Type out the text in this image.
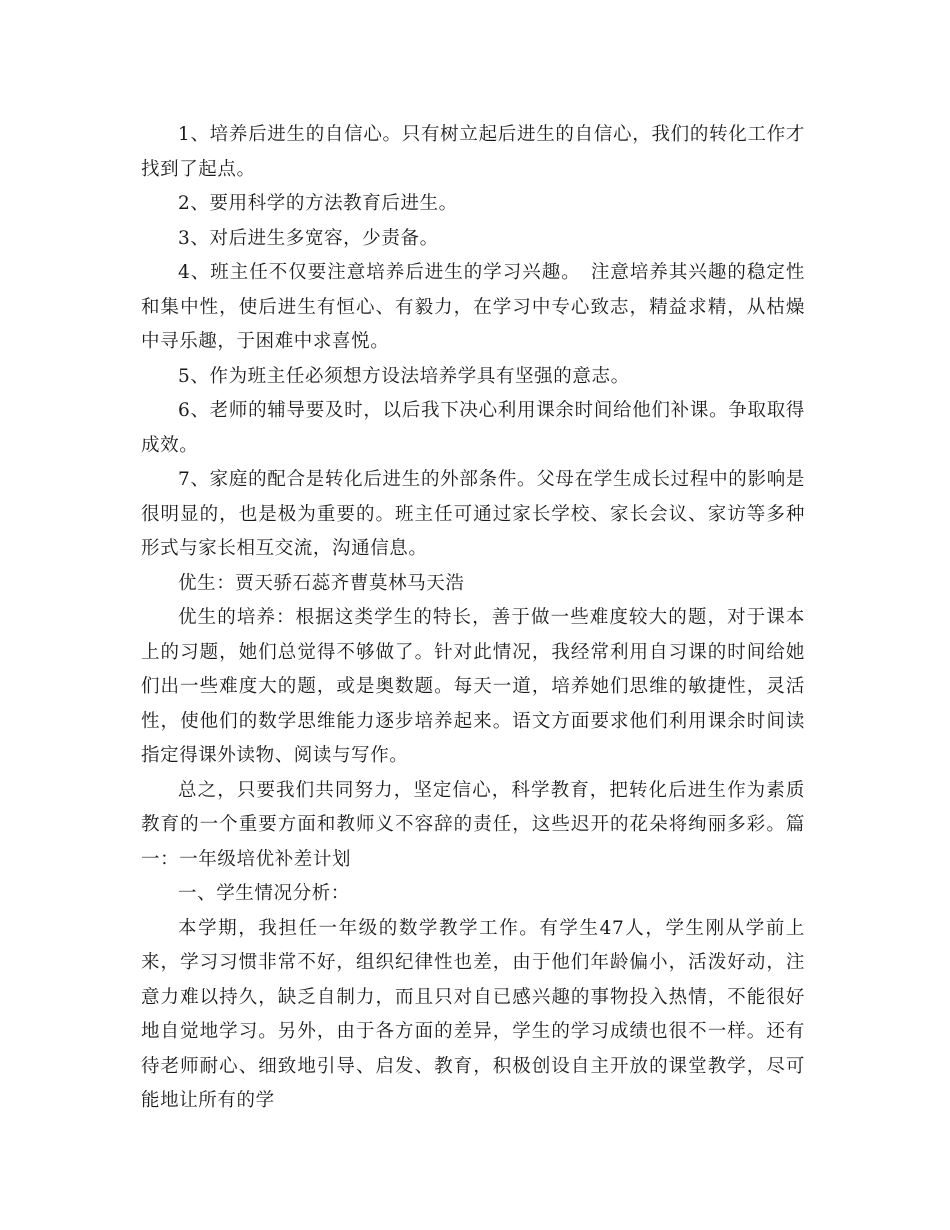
1、培养后进生的自信心。只有树立起后进生的自信心，我们的转化工作才找到了起点。

2、要用科学的方法教育后进生。

3、对后进生多宽容，少责备。

4、班主任不仅要注意培养后进生的学习兴趣。　注意培养其兴趣的稳定性和集中性，使后进生有恒心、有毅力，在学习中专心致志，精益求精，从枯燥中寻乐趣，于困难中求喜悦。

5、作为班主任必须想方设法培养学具有坚强的意志。

6、老师的辅导要及时，以后我下决心利用课余时间给他们补课。争取取得成效。

7、家庭的配合是转化后进生的外部条件。父母在学生成长过程中的影响是很明显的，也是极为重要的。班主任可通过家长学校、家长会议、家访等多种形式与家长相互交流，沟通信息。

优生：贾天骄石蕊齐曹莫林马天浩

优生的培养：根据这类学生的特长，善于做一些难度较大的题，对于课本上的习题，她们总觉得不够做了。针对此情况，我经常利用自习课的时间给她们出一些难度大的题，或是奥数题。每天一道，培养她们思维的敏捷性，灵活性，使他们的数学思维能力逐步培养起来。语文方面要求他们利用课余时间读指定得课外读物、阅读与写作。

总之，只要我们共同努力，坚定信心，科学教育，把转化后进生作为素质教育的一个重要方面和教师义不容辞的责任，这些迟开的花朵将绚丽多彩。篇一：一年级培优补差计划

一、学生情况分析：

本学期，我担任一年级的数学教学工作。有学生47人，学生刚从学前上来，学习习惯非常不好，组织纪律性也差，由于他们年龄偏小，活泼好动，注意力难以持久，缺乏自制力，而且只对自已感兴趣的事物投入热情，不能很好地自觉地学习。另外，由于各方面的差异，学生的学习成绩也很不一样。还有待老师耐心、细致地引导、启发、教育，积极创设自主开放的课堂教学，尽可能地让所有的学
